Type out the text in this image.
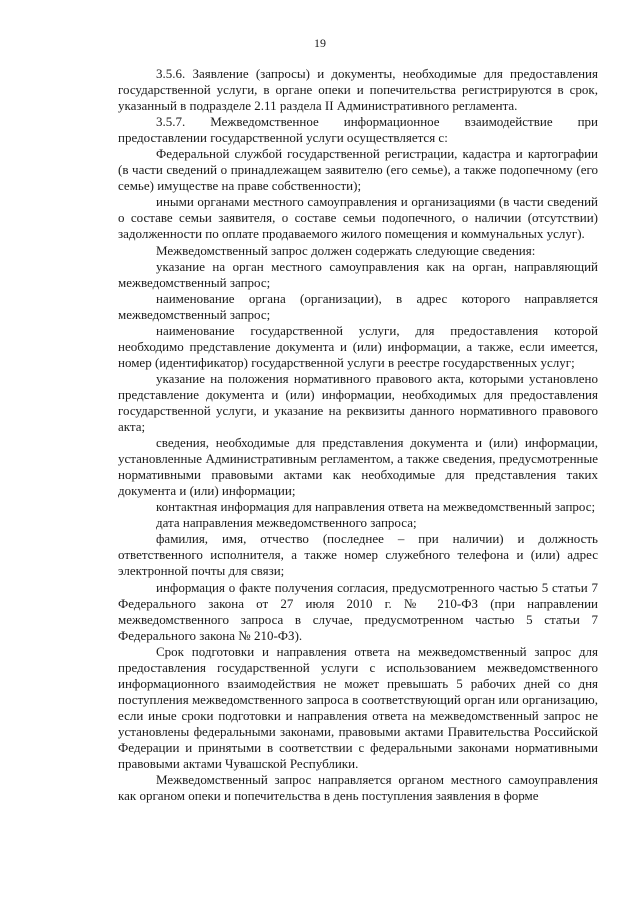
19

3.5.6. Заявление (запросы) и документы, необходимые для предоставления государственной услуги, в органе опеки и попечительства регистрируются в срок, указанный в подразделе 2.11 раздела II Административного регламента.

3.5.7. Межведомственное информационное взаимодействие при предоставлении государственной услуги осуществляется с:

Федеральной службой государственной регистрации, кадастра и картографии (в части сведений о принадлежащем заявителю (его семье), а также подопечному (его семье) имуществе на праве собственности);

иными органами местного самоуправления и организациями (в части сведений о составе семьи заявителя, о составе семьи подопечного, о наличии (отсутствии) задолженности по оплате продаваемого жилого помещения и коммунальных услуг).

Межведомственный запрос должен содержать следующие сведения:

указание на орган местного самоуправления как на орган, направляющий межведомственный запрос;

наименование органа (организации), в адрес которого направляется межведомственный запрос;

наименование государственной услуги, для предоставления которой необходимо представление документа и (или) информации, а также, если имеется, номер (идентификатор) государственной услуги в реестре государственных услуг;

указание на положения нормативного правового акта, которыми установлено представление документа и (или) информации, необходимых для предоставления государственной услуги, и указание на реквизиты данного нормативного правового акта;

сведения, необходимые для представления документа и (или) информации, установленные Административным регламентом, а также сведения, предусмотренные нормативными правовыми актами как необходимые для представления таких документа и (или) информации;

контактная информация для направления ответа на межведомственный запрос;

дата направления межведомственного запроса;

фамилия, имя, отчество (последнее – при наличии) и должность ответственного исполнителя, а также номер служебного телефона и (или) адрес электронной почты для связи;

информация о факте получения согласия, предусмотренного частью 5 статьи 7 Федерального закона от 27 июля 2010 г. № 210-ФЗ (при направлении межведомственного запроса в случае, предусмотренном частью 5 статьи 7 Федерального закона № 210-ФЗ).

Срок подготовки и направления ответа на межведомственный запрос для предоставления государственной услуги с использованием межведомственного информационного взаимодействия не может превышать 5 рабочих дней со дня поступления межведомственного запроса в соответствующий орган или организацию, если иные сроки подготовки и направления ответа на межведомственный запрос не установлены федеральными законами, правовыми актами Правительства Российской Федерации и принятыми в соответствии с федеральными законами нормативными правовыми актами Чувашской Республики.

Межведомственный запрос направляется органом местного самоуправления как органом опеки и попечительства в день поступления заявления в форме
